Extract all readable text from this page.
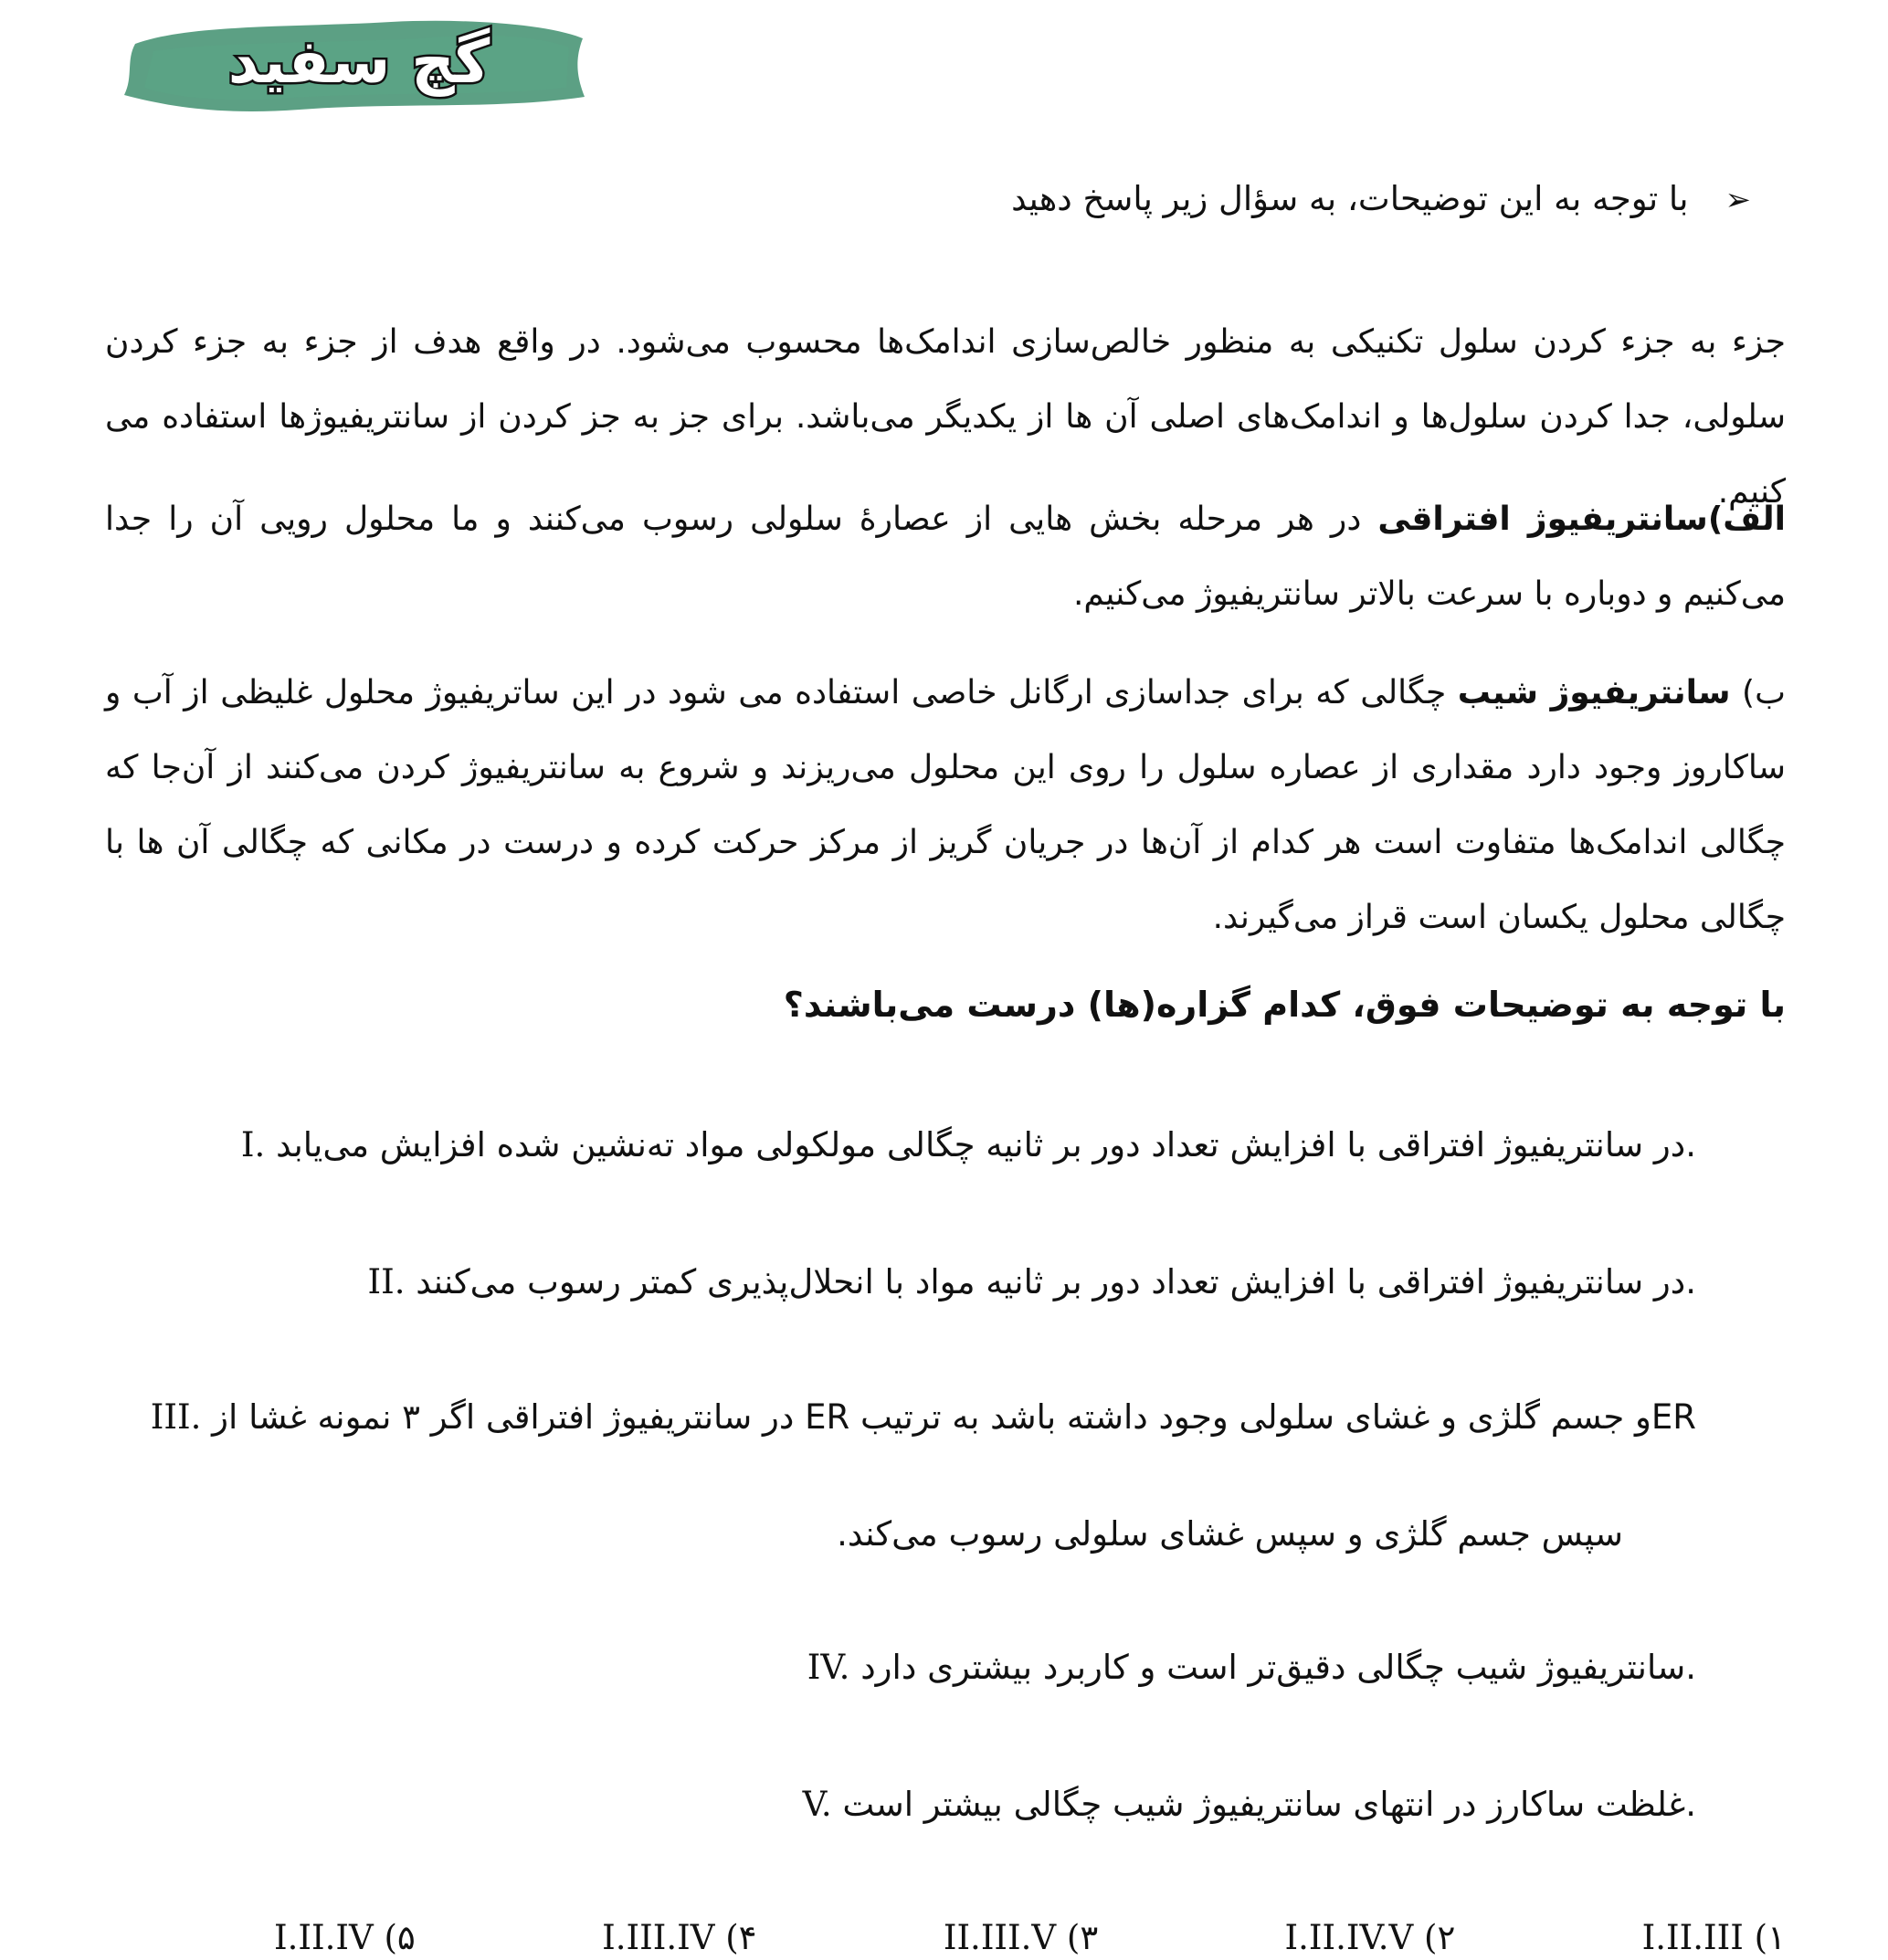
گچ سفید
➢با توجه به این توضیحات، به سؤال زیر پاسخ دهید
جزء به جزء کردن سلول تکنیکی به منظور خالص‌سازی اندامک‌ها محسوب می‌شود. در واقع هدف از جزء به جزء کردن سلولی، جدا کردن سلول‌ها و اندامک‌های اصلی آن ها از یکدیگر می‌باشد. برای جز به جز کردن از سانتریفیوژها استفاده می کنیم.
الف)سانتریفیوژ افتراقی در هر مرحله بخش هایی از عصارهٔ سلولی رسوب می‌کنند و ما محلول رویی آن را جدا می‌کنیم و دوباره با سرعت بالاتر سانتریفیوژ می‌کنیم.
ب) سانتریفیوژ شیب چگالی که برای جداسازی ارگانل خاصی استفاده می شود در این ساتریفیوژ محلول غلیظی از آب و ساکاروز وجود دارد مقداری از عصاره سلول را روی این محلول می‌ریزند و شروع به سانتریفیوژ کردن می‌کنند از آن‌جا که چگالی اندامک‌ها متفاوت است هر کدام از آن‌ها در جریان گریز از مرکز حرکت کرده و درست در مکانی که چگالی آن ها با چگالی محلول یکسان است قراز می‌گیرند.
با توجه به توضیحات فوق، کدام گزاره(ها) درست می‌باشند؟
I. در سانتریفیوژ افتراقی با افزایش تعداد دور بر ثانیه چگالی مولکولی مواد ته‌نشین شده افزایش می‌یابد.
II. در سانتریفیوژ افتراقی با افزایش تعداد دور بر ثانیه مواد با انحلال‌پذیری کمتر رسوب می‌کنند.
III. در سانتریفیوژ افتراقی اگر ۳ نمونه غشا از ER و جسم گلژی و غشای سلولی وجود داشته باشد به ترتیبER
سپس جسم گلژی و سپس غشای سلولی رسوب می‌کند.
IV. سانتریفیوژ شیب چگالی دقیق‌تر است و کاربرد بیشتری دارد.
V. غلظت ساکارز در انتهای سانتریفیوژ شیب چگالی بیشتر است.
۱) I.II.III
۲) I.II.IV.V
۳) II.III.V
۴) I.III.IV
۵) I.II.IV
